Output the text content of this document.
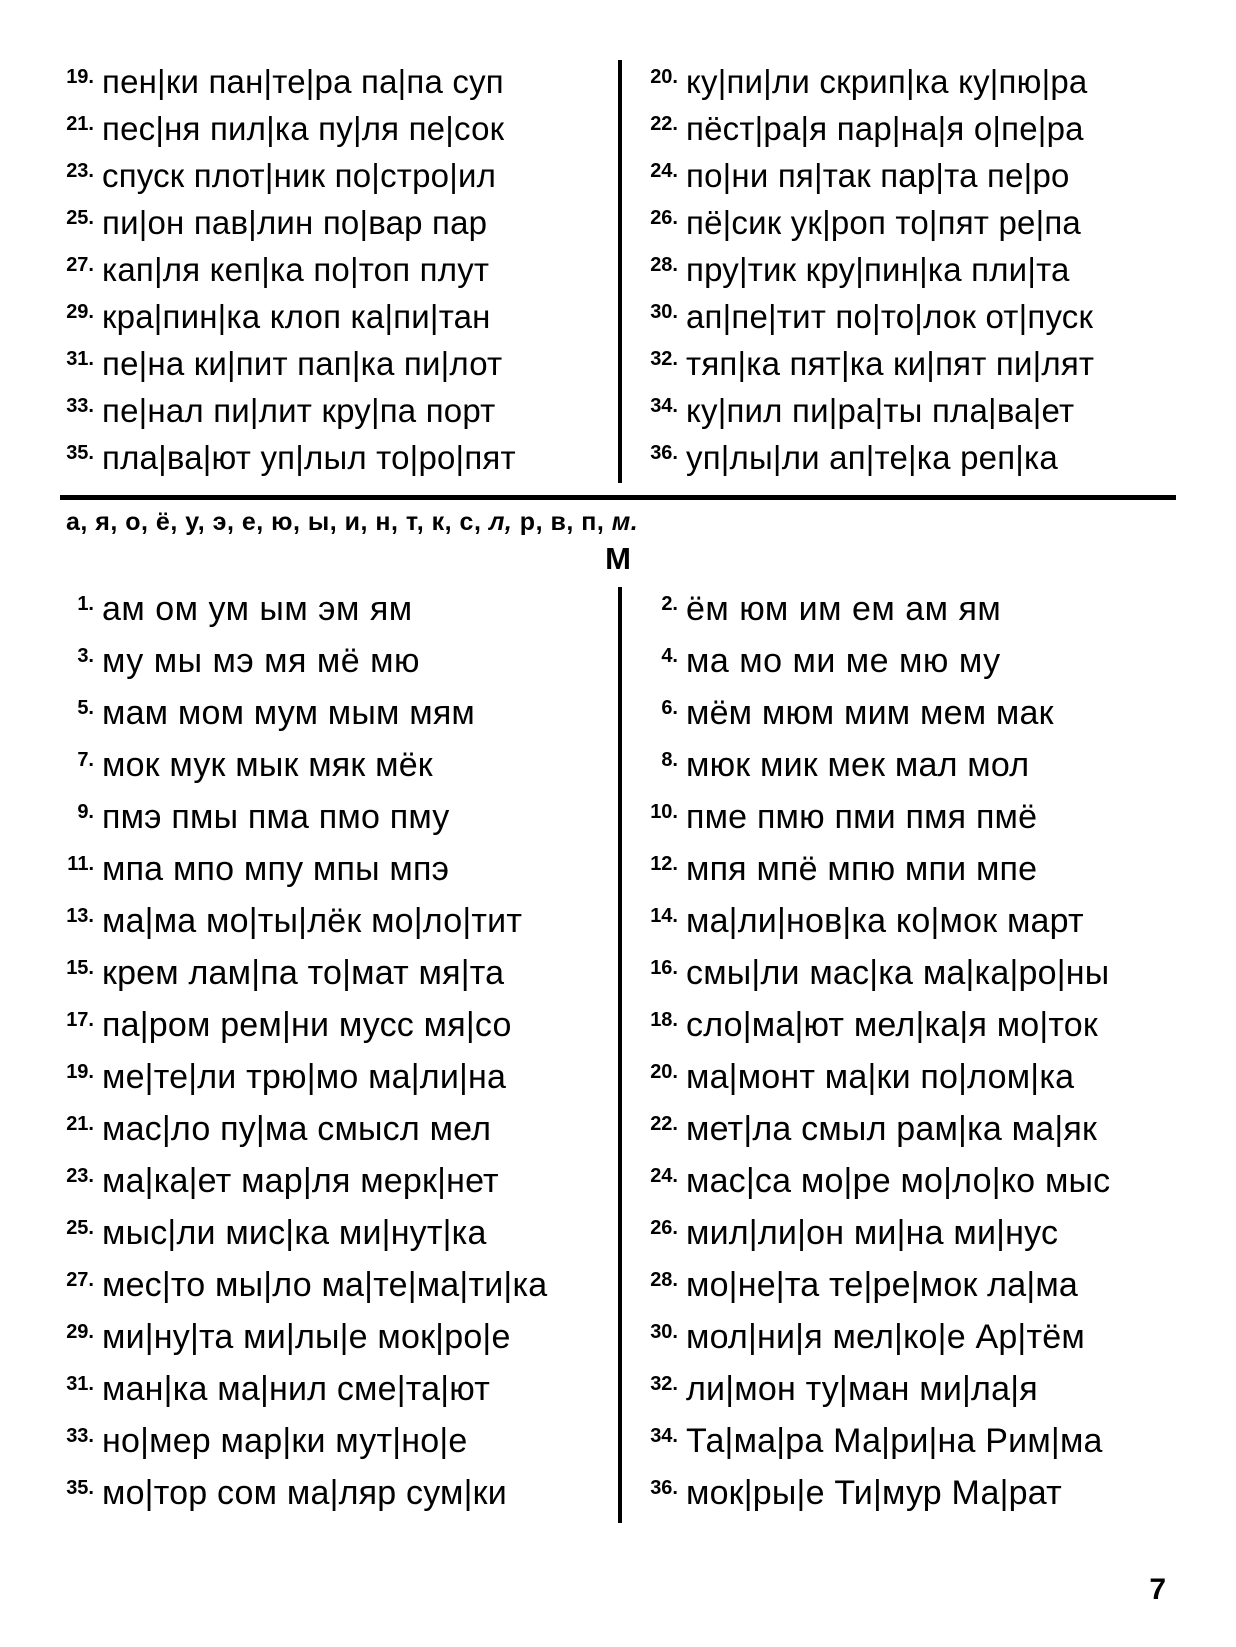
19. пен|ки пан|те|ра па|па суп
21. пес|ня пил|ка пу|ля пе|сок
23. спуск плот|ник по|стро|ил
25. пи|он пав|лин по|вар пар
27. кап|ля кеп|ка по|топ плут
29. кра|пин|ка клоп ка|пи|тан
31. пе|на ки|пит пап|ка пи|лот
33. пе|нал пи|лит кру|па порт
35. пла|ва|ют уп|лыл то|ро|пят
20. ку|пи|ли скрип|ка ку|пю|ра
22. пёст|ра|я пар|на|я о|пе|ра
24. по|ни пя|так пар|та пе|ро
26. пё|сик ук|роп то|пят ре|па
28. пру|тик кру|пин|ка пли|та
30. ап|пе|тит по|то|лок от|пуск
32. тяп|ка пят|ка ки|пят пи|лят
34. ку|пил пи|ра|ты пла|ва|ет
36. уп|лы|ли ап|те|ка реп|ка
а, я, о, ё, у, э, е, ю, ы, и, н, т, к, с, л, р, в, п, м.
М
1. ам ом ум ым эм ям
3. му мы мэ мя мё мю
5. мам мом мум мым мям
7. мок мук мык мяк мёк
9. пмэ пмы пма пмо пму
11. мпа мпо мпу мпы мпэ
13. ма|ма мо|ты|лёк мо|ло|тит
15. крем лам|па то|мат мя|та
17. па|ром рем|ни мусс мя|со
19. ме|те|ли трю|мо ма|ли|на
21. мас|ло пу|ма смысл мел
23. ма|ка|ет мар|ля мерк|нет
25. мыс|ли мис|ка ми|нут|ка
27. мес|то мы|ло ма|те|ма|ти|ка
29. ми|ну|та ми|лы|е мок|ро|е
31. ман|ка ма|нил сме|та|ют
33. но|мер мар|ки мут|но|е
35. мо|тор сом ма|ляр сум|ки
2. ём юм им ем ам ям
4. ма мо ми ме мю му
6. мём мюм мим мем мак
8. мюк мик мек мал мол
10. пме пмю пми пмя пмё
12. мпя мпё мпю мпи мпе
14. ма|ли|нов|ка ко|мок март
16. смы|ли мас|ка ма|ка|ро|ны
18. сло|ма|ют мел|ка|я мо|ток
20. ма|монт ма|ки по|лом|ка
22. мет|ла смыл рам|ка ма|як
24. мас|са мо|ре мо|ло|ко мыс
26. мил|ли|он ми|на ми|нус
28. мо|не|та те|ре|мок ла|ма
30. мол|ни|я мел|ко|е Ар|тём
32. ли|мон ту|ман ми|ла|я
34. Та|ма|ра Ма|ри|на Рим|ма
36. мок|ры|е Ти|мур Ма|рат
7
